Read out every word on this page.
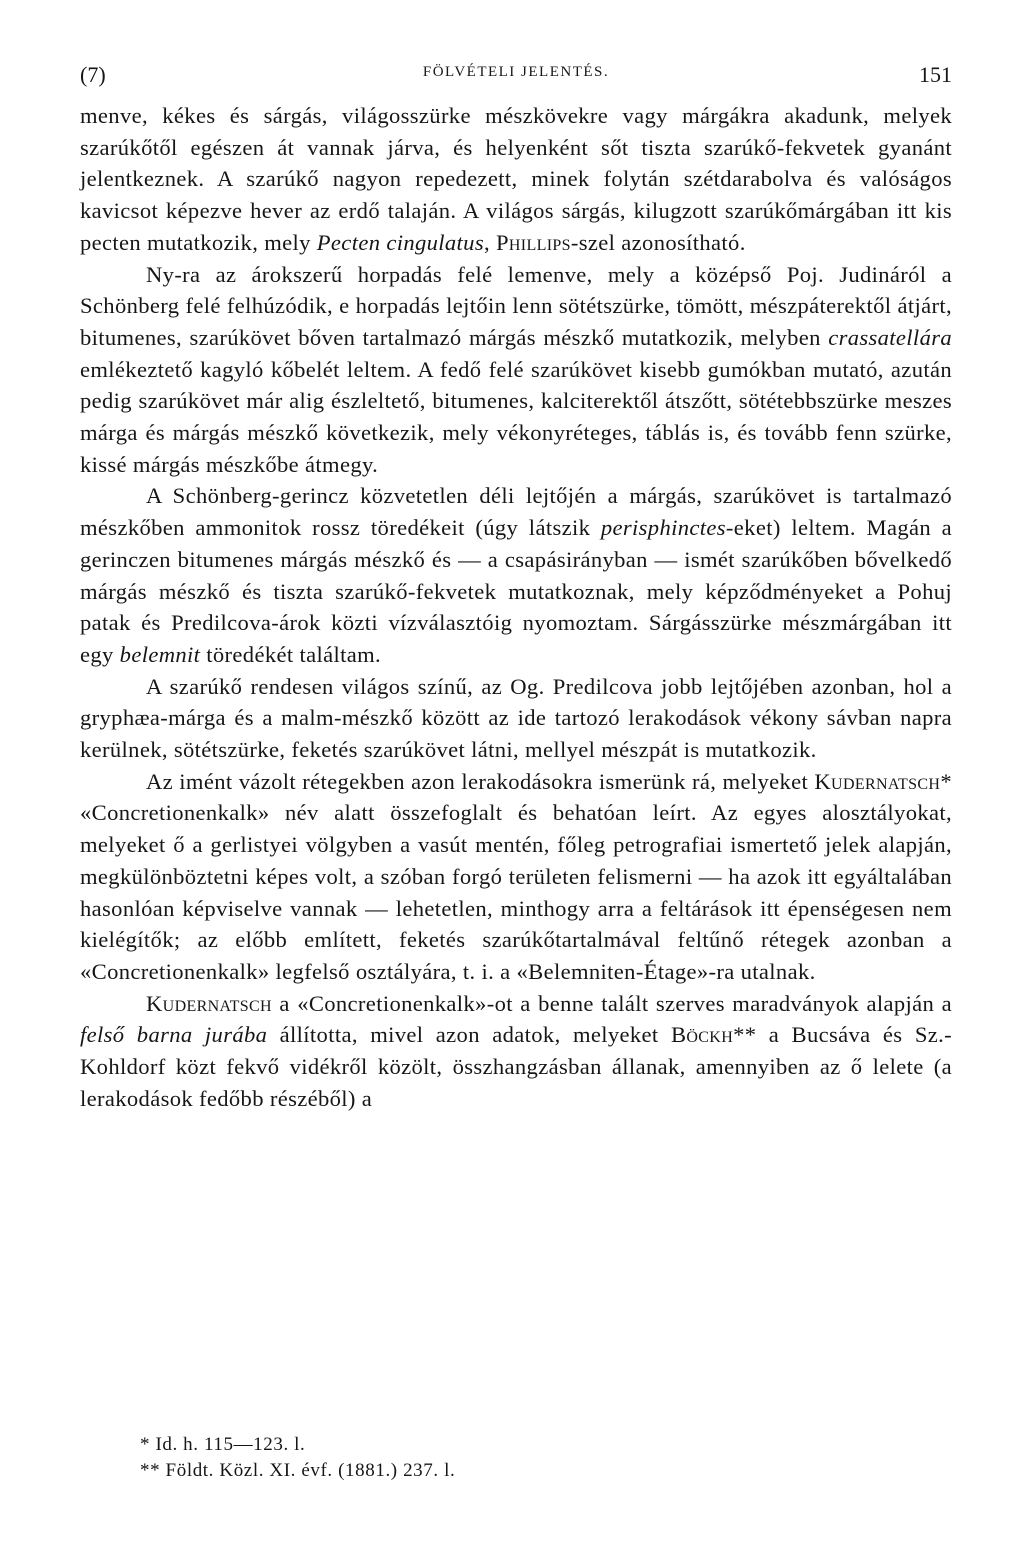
(7)	FÖLVÉTELI JELENTÉS.	151

menve, kékes és sárgás, világosszürke mészkövekre vagy márgákra akadunk, melyek szarúkőtől egészen át vannak járva, és helyenként sőt tiszta szarúkő-fekvetek gyanánt jelentkeznek. A szarúkő nagyon repedezett, minek folytán szétdarabolva és valóságos kavicsot képezve hever az erdő talaján. A világos sárgás, kilugzott szarúkőmárgában itt kis pecten mutatkozik, mely Pecten cingulatus, Phillips-szel azonosítható.

Ny-ra az árokszerű horpadás felé lemenve, mely a középső Poj. Judináról a Schönberg felé felhúzódik, e horpadás lejtőin lenn sötétszürke, tömött, mészpáterektől átjárt, bitumenes, szarúkövet bőven tartalmazó márgás mészkő mutatkozik, melyben crassatellára emlékeztető kagyló kőbelét leltem. A fedő felé szarúkövet kisebb gumókban mutató, azután pedig szarúkövet már alig észleltető, bitumenes, kalciterektől átszőtt, sötétebbszürke meszes márga és márgás mészkő következik, mely vékonyréteges, táblás is, és tovább fenn szürke, kissé márgás mészkőbe átmegy.

A Schönberg-gerincz közvetetlen déli lejtőjén a márgás, szarúkövet is tartalmazó mészkőben ammonitok rossz töredékeit (úgy látszik perisphinctes-eket) leltem. Magán a gerinczen bitumenes márgás mészkő és — a csapásirányban — ismét szarúkőben bővelkedő márgás mészkő és tiszta szarúkő-fekvetek mutatkoznak, mely képződményeket a Pohuj patak és Predilcova-árok közti vízválasztóig nyomoztam. Sárgásszürke mészmárgában itt egy belemnit töredékét találtam.

A szarúkő rendesen világos színű, az Og. Predilcova jobb lejtőjében azonban, hol a gryphæa-márga és a malm-mészkő között az ide tartozó lerakodások vékony sávban napra kerülnek, sötétszürke, feketés szarúkövet látni, mellyel mészpát is mutatkozik.

Az imént vázolt rétegekben azon lerakodásokra ismerünk rá, melyeket Kudernatsch* «Concretionenkalk» név alatt összefoglalt és behatóan leírt. Az egyes alosztályokat, melyeket ő a gerlistyei völgyben a vasút mentén, főleg petrografiai ismertető jelek alapján, megkülönböztetni képes volt, a szóban forgó területen felismerni — ha azok itt egyáltalában hasonlóan képviselve vannak — lehetetlen, minthogy arra a feltárások itt épenségesen nem kielégítők; az előbb említett, feketés szarúkőtartalmával feltűnő rétegek azonban a «Concretionenkalk» legfelső osztályára, t. i. a «Belemniten-Étage»-ra utalnak.

Kudernatsch a «Concretionenkalk»-ot a benne talált szerves maradványok alapján a felső barna jurába állította, mivel azon adatok, melyeket Böckh** a Bucsáva és Sz.-Kohldorf közt fekvő vidékről közölt, összhangzásban állanak, amennyiben az ő lelete (a lerakodások fedőbb részéből) a

* Id. h. 115—123. l.
** Földt. Közl. XI. évf. (1881.) 237. l.
